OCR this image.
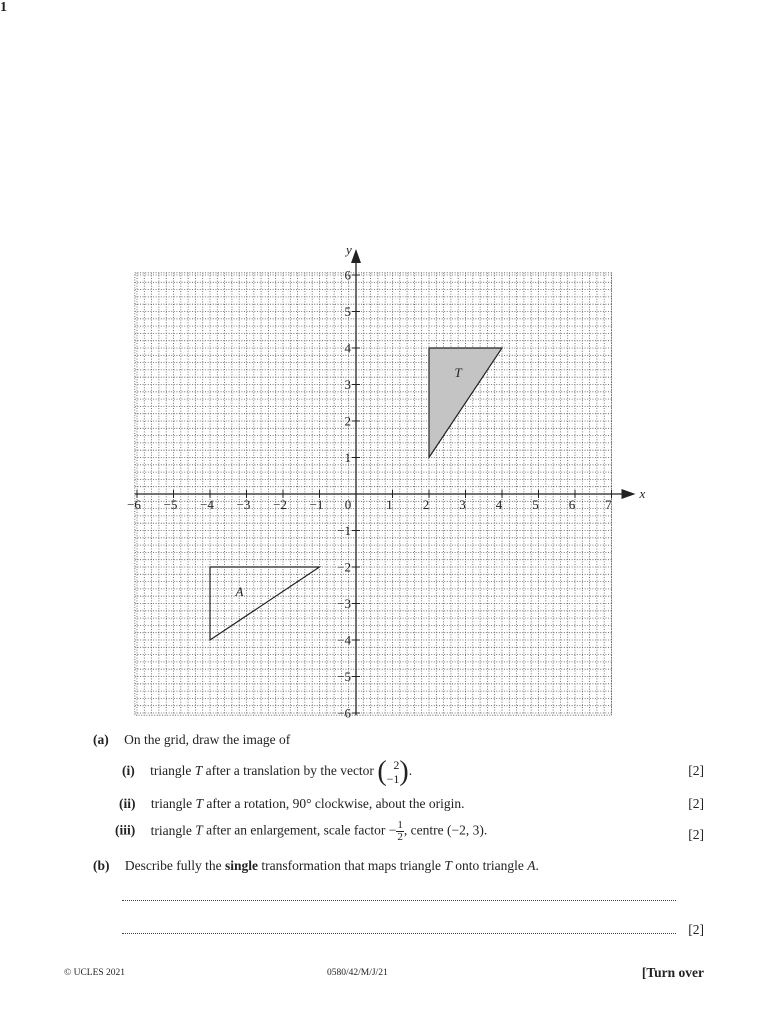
1
x
y
−6 −5 −4 −3 −2 −1 0	1 2 3 4 5 6 7
−6
−5
−4
−3
−2
−1
1
2
3
4
5
6
T
A
(a) On the grid, draw the image of
(i) triangle T after a translation by the vector ( 2
−1 ).	[2]
(ii) triangle T after a rotation, 90° clockwise, about the origin.	[2]
(iii) triangle T after an enlargement, scale factor − $\frac{1}{2}$ , centre (−2, 3).	[2]
(b) Describe fully the single transformation that maps triangle T onto triangle A.
[2]
© UCLES 2021	0580/42/M/J/21	[Turn over
